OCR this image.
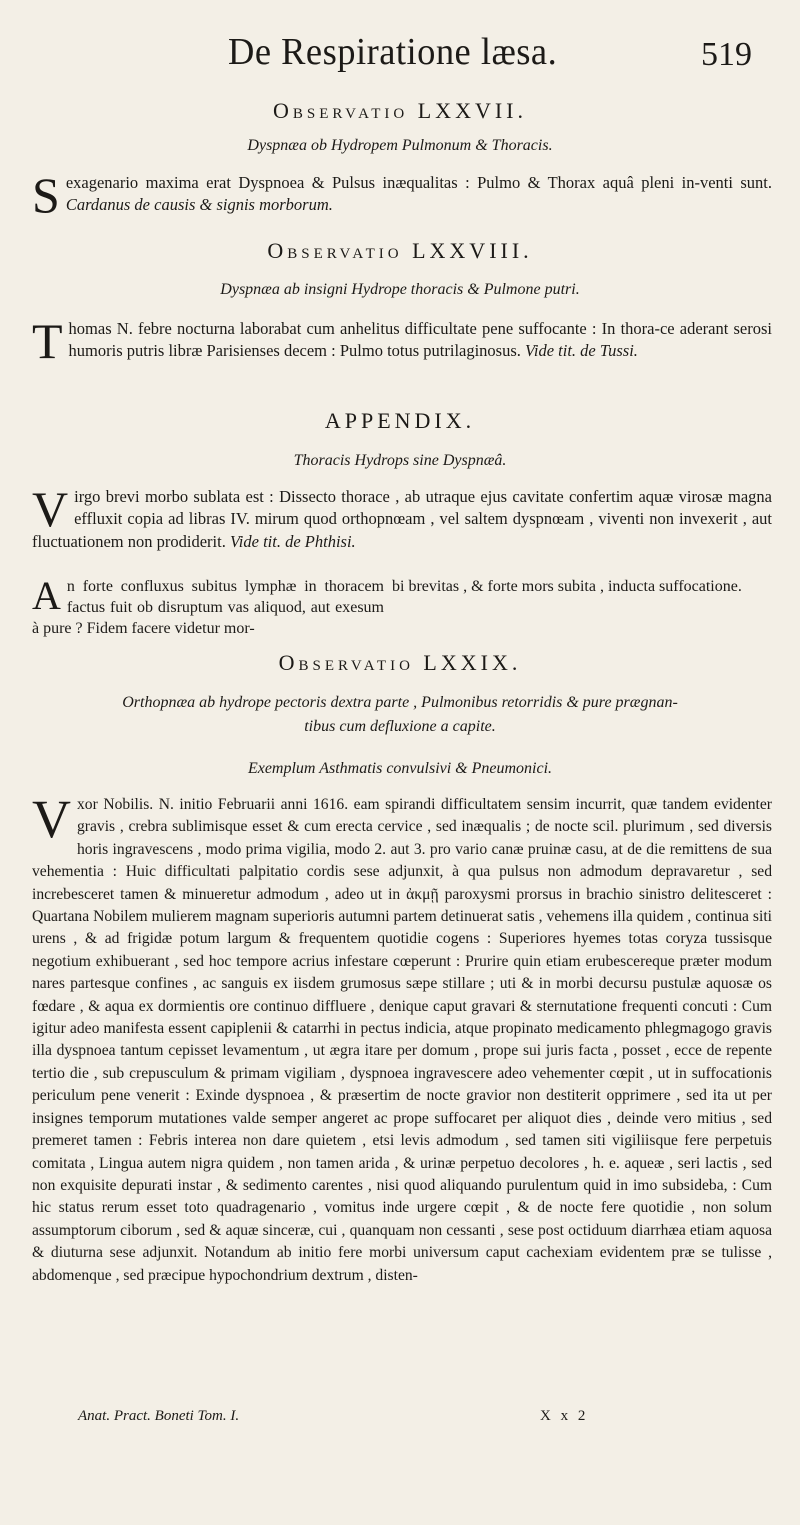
De Respiratione læsa.	519
Observatio LXXVII.
Dyspnæa ob Hydropem Pulmonum & Thoracis.
S exagenario maxima erat Dyspnoea & Pulsus inæqualitas : Pulmo & Thorax aquâ pleni in-venti sunt. Cardanus de causis & signis morborum.
Observatio LXXVIII.
Dyspnæa ab insigni Hydrope thoracis & Pulmone putri.
T homas N. febre nocturna laborabat cum anhelitus difficultate pene suffocante : In thora-ce aderant serosi humoris putris libræ Parisienses decem : Pulmo totus putrilaginosus. Vide tit. de Tussi.
APPENDIX.
Thoracis Hydrops sine Dyspnæâ.
V irgo brevi morbo sublata est : Dissecto thorace , ab utraque ejus cavitate confertim aquæ virosæ magna effluxit copia ad libras IV. mirum quod orthopnœam , vel saltem dyspnœam , viventi non invexerit , aut fluctuationem non prodiderit. Vide tit. de Phthisi.
A n forte confluxus subitus lymphæ in thoracem factus fuit ob disruptum vas aliquod, aut exesum à pure ? Fidem facere videtur mor-
bi brevitas , & forte mors subita , inducta suffocatione.
Observatio LXXIX.
Orthopnæa ab hydrope pectoris dextra parte , Pulmonibus retorridis & pure prægnan-
tibus cum defluxione a capite.
Exemplum Asthmatis convulsivi & Pneumonici.
V xor Nobilis. N. initio Februarii anni 1616. eam spirandi difficultatem sensim incurrit, quæ tandem evidenter gravis , crebra sublimisque esset & cum erecta cervice , sed inæqualis ; de nocte scil. plurimum , sed diversis horis ingravescens , modo prima vigilia, modo 2. aut 3. pro vario canæ pruinæ casu, at de die remittens de sua vehementia : Huic difficultati palpitatio cordis sese adjunxit, à qua pulsus non admodum depravaretur , sed increbesceret tamen & minueretur admodum , adeo ut in ἀκμῇ paroxysmi prorsus in brachio sinistro delitesceret : Quartana Nobilem mulierem magnam superioris autumni partem detinuerat satis , vehemens illa quidem , continua siti urens , & ad frigidæ potum largum & frequentem quotidie cogens : Superiores hyemes totas coryza tussisque negotium exhibuerant , sed hoc tempore acrius infestare cœperunt : Prurire quin etiam erubescereque præter modum nares partesque confines , ac sanguis ex iisdem grumosus sæpe stillare ; uti & in morbi decursu pustulæ aquosæ os fœdare , & aqua ex dormientis ore continuo diffluere , denique caput gravari & sternutatione frequenti concuti : Cum igitur adeo manifesta essent capiplenii & catarrhi in pectus indicia, atque propinato medicamento phlegmagogo gravis illa dyspnoea tantum cepisset levamentum , ut ægra itare per domum , prope sui juris facta , posset , ecce de repente tertio die , sub crepusculum & primam vigiliam , dyspnoea ingravescere adeo vehementer cœpit , ut in suffocationis periculum pene venerit : Exinde dyspnoea , & præsertim de nocte gravior non destiterit opprimere , sed ita ut per insignes temporum mutationes valde semper angeret ac prope suffocaret per aliquot dies , deinde vero mitius , sed premeret tamen : Febris interea non dare quietem , etsi levis admodum , sed tamen siti vigiliisque fere perpetuis comitata , Lingua autem nigra quidem , non tamen arida , & urinæ perpetuo decolores , h. e. aqueæ , seri lactis , sed non exquisite depurati instar , & sedimento carentes , nisi quod aliquando purulentum quid in imo subsideba, : Cum hic status rerum esset toto quadragenario , vomitus inde urgere cœpit , & de nocte fere quotidie , non solum assumptorum ciborum , sed & aquæ sinceræ, cui , quanquam non cessanti , sese post octiduum diarrhæa etiam aquosa & diuturna sese adjunxit. Notandum ab initio fere morbi universum caput cachexiam evidentem præ se tulisse , abdomenque , sed præcipue hypochondrium dextrum , disten-
Anat. Pract. Boneti Tom. I.	X x 2
